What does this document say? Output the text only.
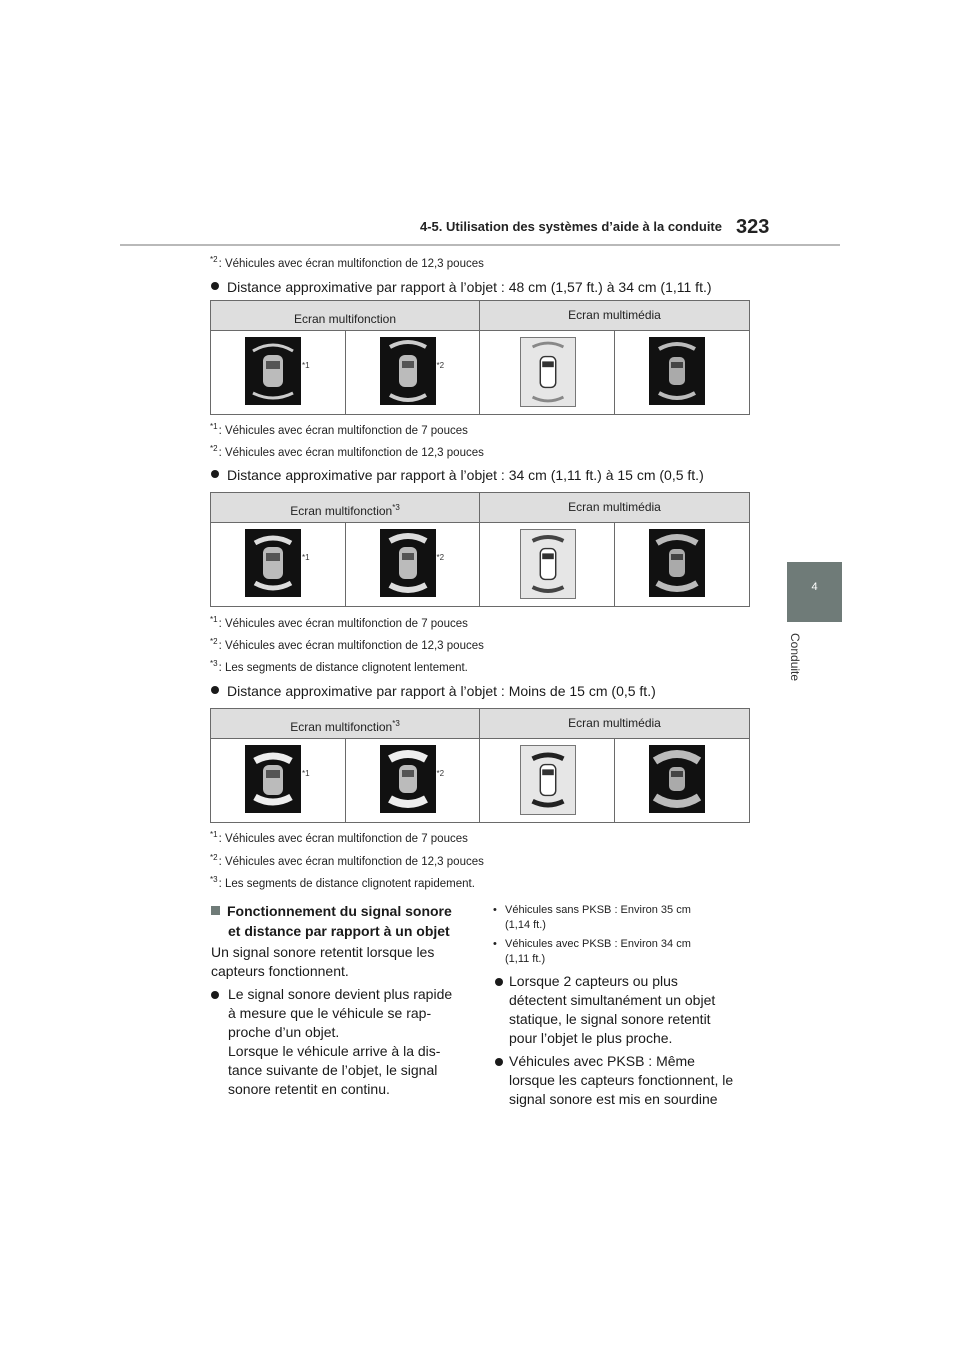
4-5. Utilisation des systèmes d’aide à la conduite 323
4
Conduite
$^{*2}$: Véhicules avec écran multifonction de 12,3 pouces
Distance approximative par rapport à l’objet : 48 cm (1,57 ft.) à 34 cm (1,11 ft.)
Ecran multifonction	Ecran multimédia
*1	*2
$^{*1}$: Véhicules avec écran multifonction de 7 pouces
$^{*2}$: Véhicules avec écran multifonction de 12,3 pouces
Distance approximative par rapport à l’objet : 34 cm (1,11 ft.) à 15 cm (0,5 ft.)
Ecran multifonction$^{*3}$	Ecran multimédia
*1	*2
$^{*1}$: Véhicules avec écran multifonction de 7 pouces
$^{*2}$: Véhicules avec écran multifonction de 12,3 pouces
$^{*3}$: Les segments de distance clignotent lentement.
Distance approximative par rapport à l’objet : Moins de 15 cm (0,5 ft.)
Ecran multifonction$^{*3}$	Ecran multimédia
*1	*2
$^{*1}$: Véhicules avec écran multifonction de 7 pouces
$^{*2}$: Véhicules avec écran multifonction de 12,3 pouces
$^{*3}$: Les segments de distance clignotent rapidement.
Fonctionnement du signal sonore
et distance par rapport à un objet
Un signal sonore retentit lorsque les capteurs fonctionnent.
Le signal sonore devient plus rapide
à mesure que le véhicule se rap-
proche d’un objet.
Lorsque le véhicule arrive à la dis-
tance suivante de l’objet, le signal
sonore retentit en continu.
• Véhicules sans PKSB : Environ 35 cm
(1,14 ft.)
• Véhicules avec PKSB : Environ 34 cm
(1,11 ft.)
Lorsque 2 capteurs ou plus
détectent simultanément un objet
statique, le signal sonore retentit
pour l’objet le plus proche.
Véhicules avec PKSB : Même
lorsque les capteurs fonctionnent, le
signal sonore est mis en sourdine
